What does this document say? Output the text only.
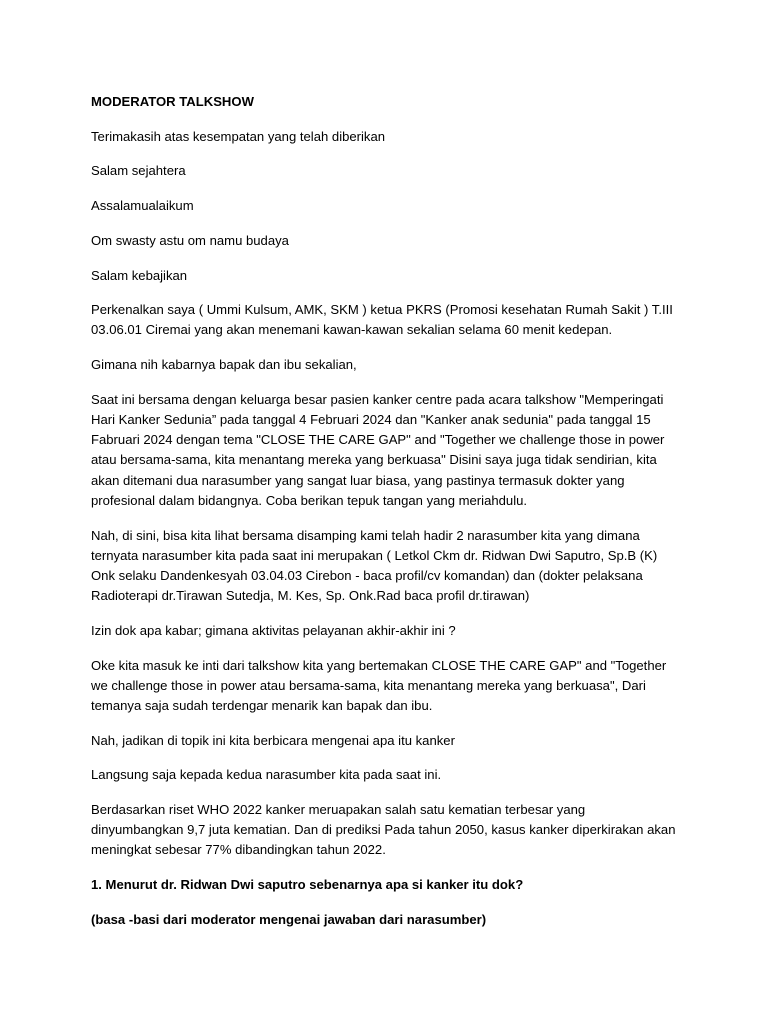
MODERATOR TALKSHOW

Terimakasih atas kesempatan yang telah diberikan

Salam sejahtera

Assalamualaikum

Om swasty astu om namu budaya

Salam kebajikan

Perkenalkan saya ( Ummi Kulsum, AMK, SKM ) ketua PKRS (Promosi kesehatan Rumah Sakit ) T.III 03.06.01 Ciremai yang akan menemani kawan-kawan sekalian selama 60 menit kedepan.

Gimana nih kabarnya bapak dan ibu sekalian,

Saat ini bersama dengan keluarga besar pasien kanker centre pada acara talkshow "Memperingati Hari Kanker Sedunia” pada tanggal 4 Februari 2024 dan "Kanker anak sedunia" pada tanggal 15 Fabruari 2024 dengan tema "CLOSE THE CARE GAP" and "Together we challenge those in power atau bersama-sama, kita menantang mereka yang berkuasa" Disini saya juga tidak sendirian, kita akan ditemani dua narasumber yang sangat luar biasa, yang pastinya termasuk dokter yang profesional dalam bidangnya. Coba berikan tepuk tangan yang meriahdulu.

Nah, di sini, bisa kita lihat bersama disamping kami telah hadir 2 narasumber kita yang dimana ternyata narasumber kita pada saat ini merupakan ( Letkol Ckm dr. Ridwan Dwi Saputro, Sp.B (K) Onk selaku Dandenkesyah 03.04.03 Cirebon - baca profil/cv komandan) dan (dokter pelaksana Radioterapi dr.Tirawan Sutedja, M. Kes, Sp. Onk.Rad baca profil dr.tirawan)

Izin dok apa kabar; gimana aktivitas pelayanan akhir-akhir ini ?

Oke kita masuk ke inti dari talkshow kita yang bertemakan CLOSE THE CARE GAP" and "Together we challenge those in power atau bersama-sama, kita menantang mereka yang berkuasa", Dari temanya saja sudah terdengar menarik kan bapak dan ibu.

Nah, jadikan di topik ini kita berbicara mengenai apa itu kanker

Langsung saja kepada kedua narasumber kita pada saat ini.

Berdasarkan riset WHO 2022 kanker meruapakan salah satu kematian terbesar yang dinyumbangkan 9,7 juta kematian. Dan di prediksi Pada tahun 2050, kasus kanker diperkirakan akan meningkat sebesar 77% dibandingkan tahun 2022.

1. Menurut dr. Ridwan Dwi saputro sebenarnya apa si kanker itu dok?

(basa -basi dari moderator mengenai jawaban dari narasumber)
